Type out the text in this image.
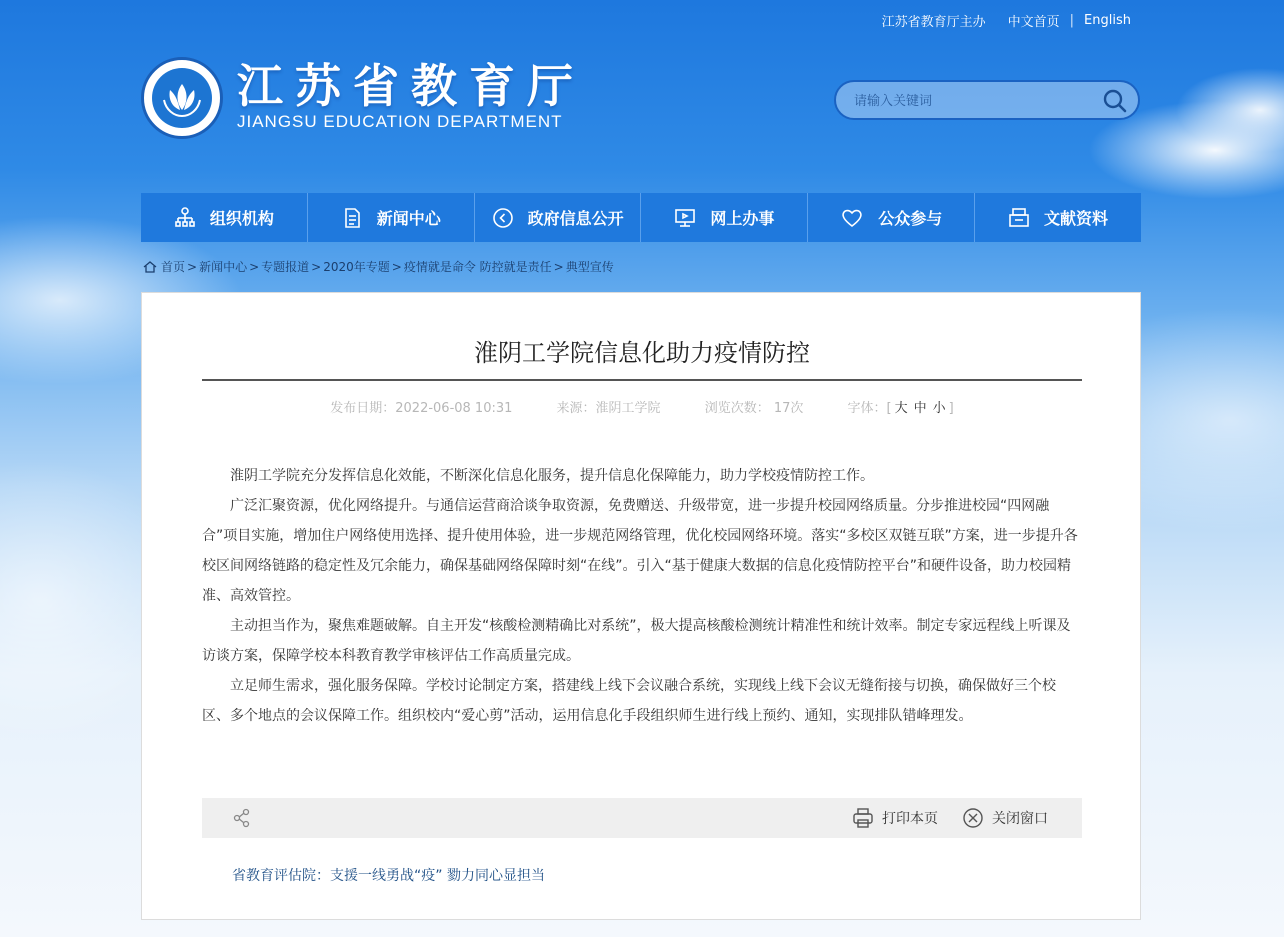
江苏省教育厅主办 中文首页 | English
江苏省教育厅
JIANGSU EDUCATION DEPARTMENT
请输入关键词
组织机构	新闻中心	政府信息公开	网上办事	公众参与	文献资料
首页 > 新闻中心 > 专题报道 > 2020年专题 > 疫情就是命令 防控就是责任 > 典型宣传
淮阴工学院信息化助力疫情防控
发布日期：2022-06-08 10:31	来源：淮阴工学院	浏览次数： 17次	字体：[ 大 中 小 ]

淮阴工学院充分发挥信息化效能，不断深化信息化服务，提升信息化保障能力，助力学校疫情防控工作。

广泛汇聚资源，优化网络提升。与通信运营商洽谈争取资源，免费赠送、升级带宽，进一步提升校园网络质量。分步推进校园“四网融合”项目实施，增加住户网络使用选择、提升使用体验，进一步规范网络管理，优化校园网络环境。落实“多校区双链互联”方案，进一步提升各校区间网络链路的稳定性及冗余能力，确保基础网络保障时刻“在线”。引入“基于健康大数据的信息化疫情防控平台”和硬件设备，助力校园精准、高效管控。

主动担当作为，聚焦难题破解。自主开发“核酸检测精确比对系统”，极大提高核酸检测统计精准性和统计效率。制定专家远程线上听课及访谈方案，保障学校本科教育教学审核评估工作高质量完成。

立足师生需求，强化服务保障。学校讨论制定方案，搭建线上线下会议融合系统，实现线上线下会议无缝衔接与切换，确保做好三个校区、多个地点的会议保障工作。组织校内“爱心剪”活动，运用信息化手段组织师生进行线上预约、通知，实现排队错峰理发。

打印本页	关闭窗口
省教育评估院：支援一线勇战“疫” 勠力同心显担当
